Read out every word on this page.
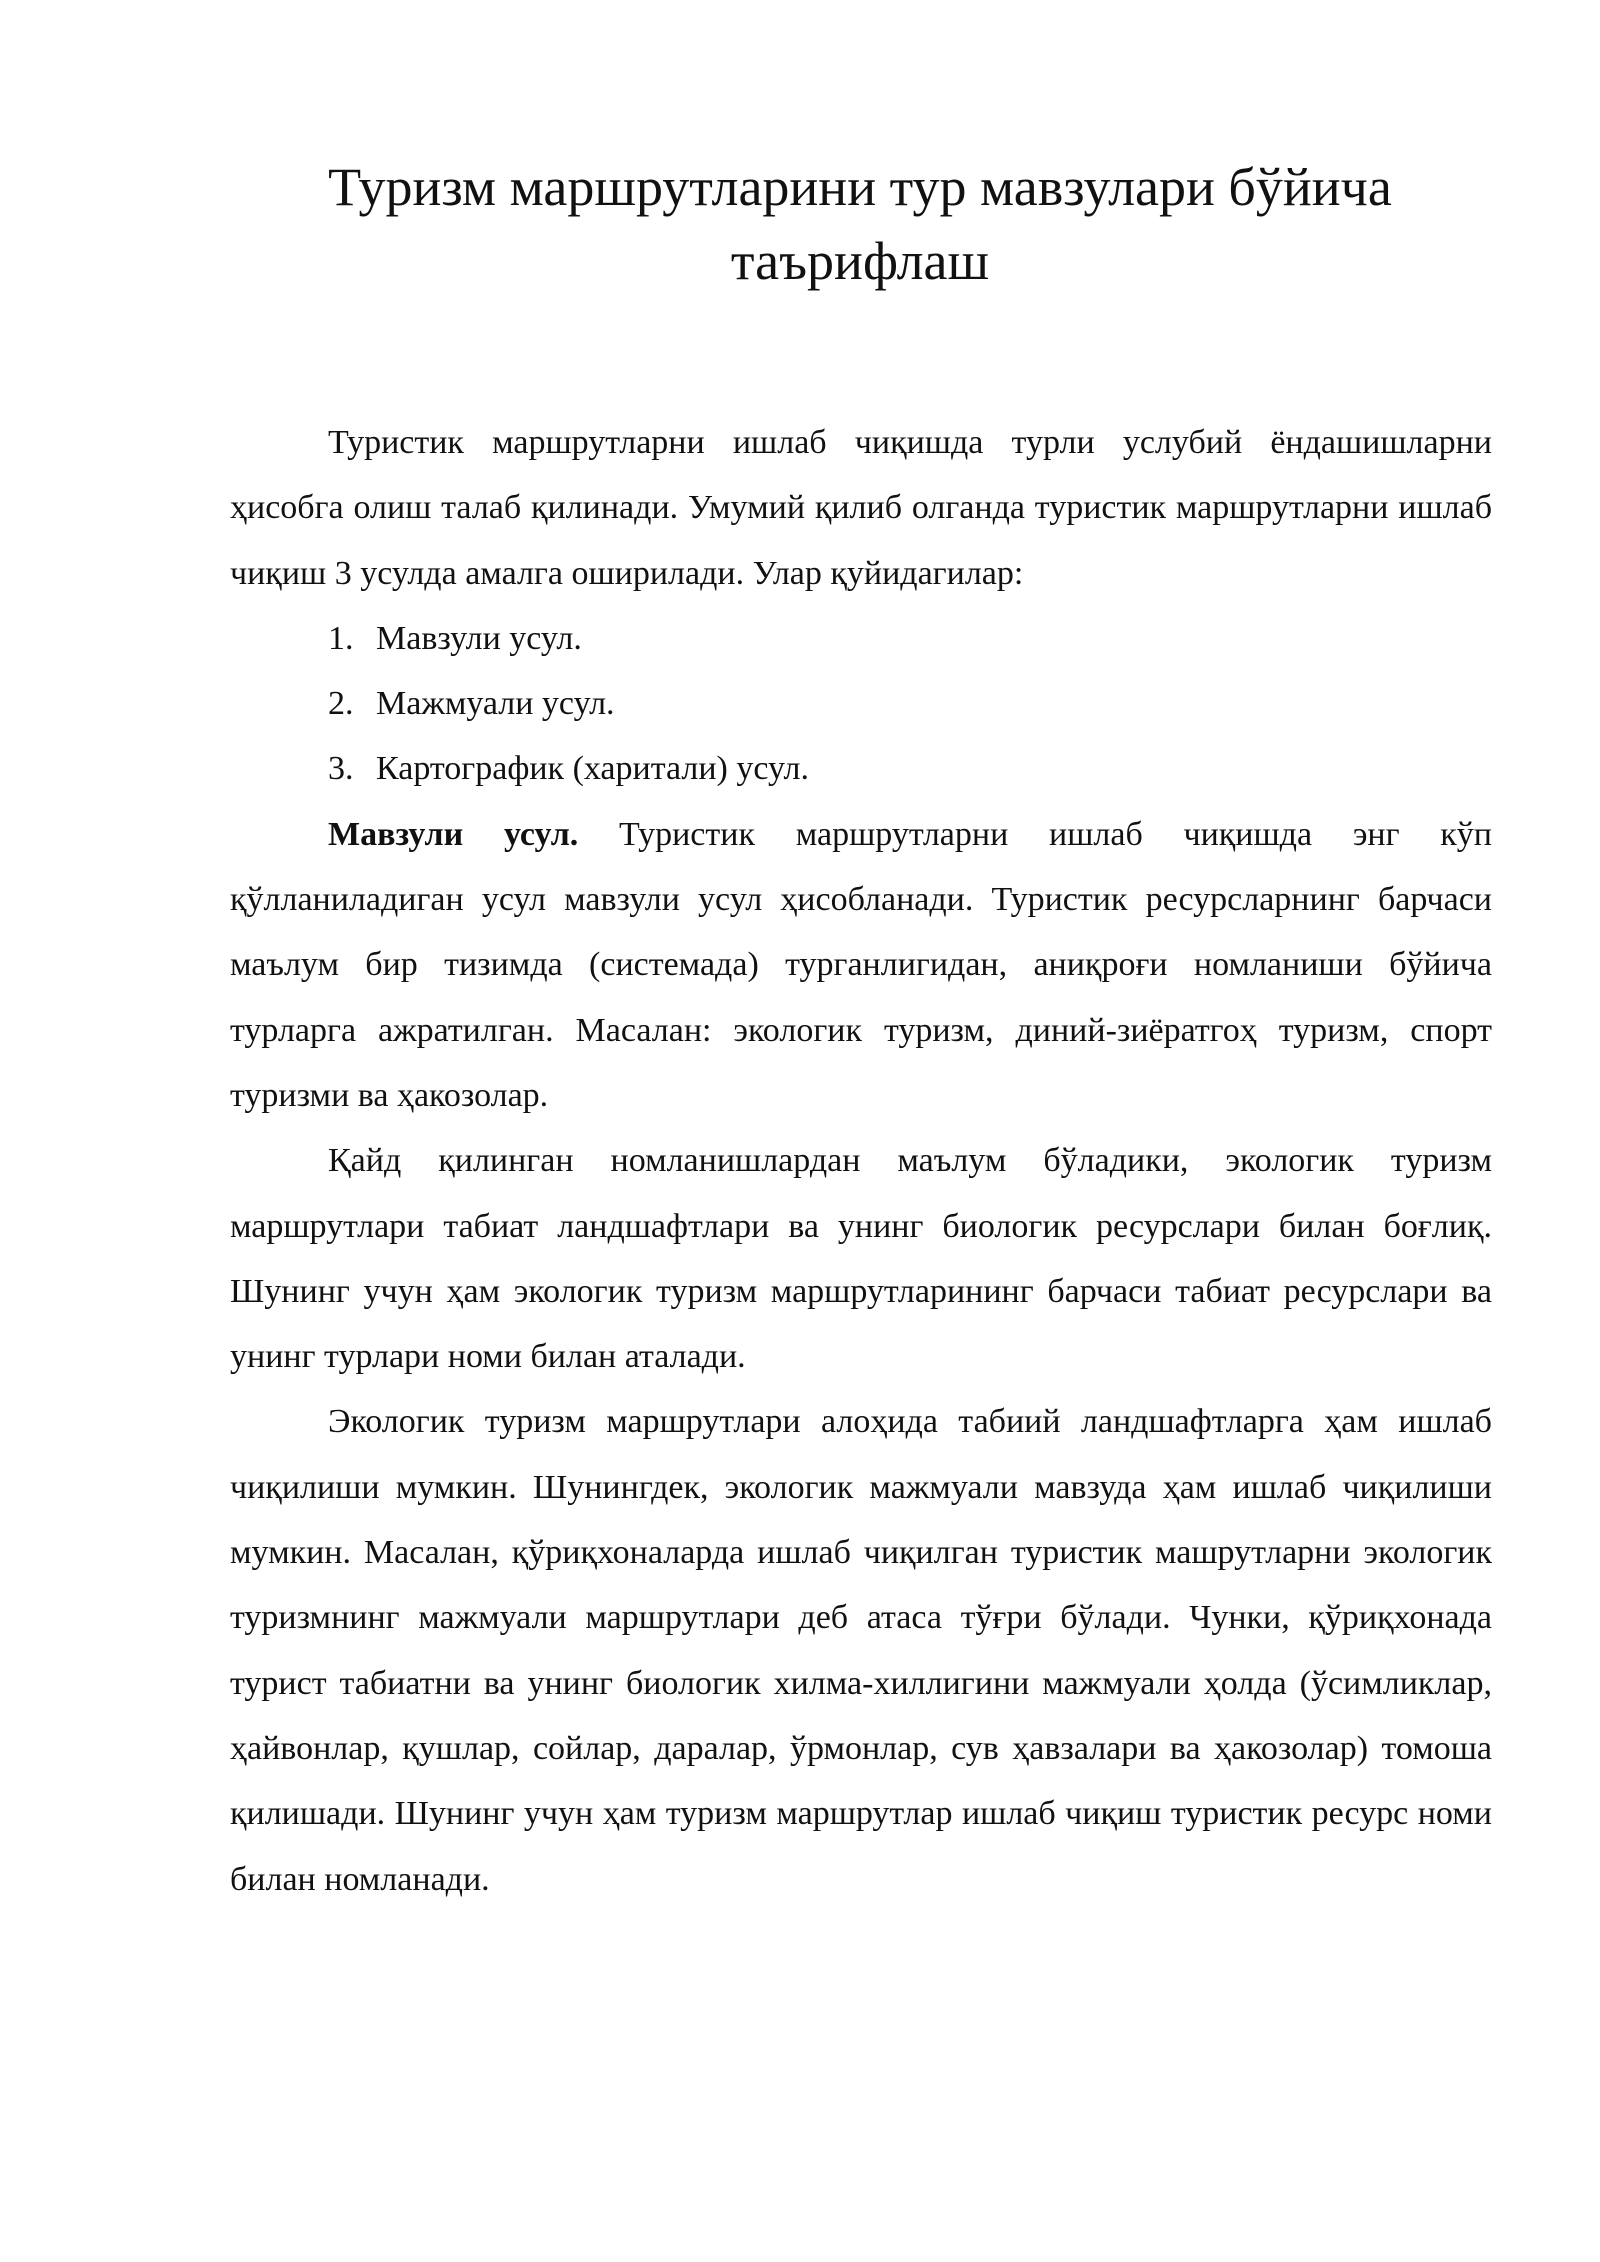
Туризм маршрутларини тур мавзулари бўйича таърифлаш

Туристик маршрутларни ишлаб чиқишда турли услубий ёндашишларни ҳисобга олиш талаб қилинади. Умумий қилиб олганда туристик маршрутларни ишлаб чиқиш 3 усулда амалга оширилади. Улар қуйидагилар:

1. Мавзули усул.
2. Мажмуали усул.
3. Картографик (харитали) усул.

Мавзули усул. Туристик маршрутларни ишлаб чиқишда энг кўп қўлланиладиган усул мавзули усул ҳисобланади. Туристик ресурсларнинг барчаси маълум бир тизимда (системада) турганлигидан, аниқроғи номланиши бўйича турларга ажратилган. Масалан: экологик туризм, диний-зиёратгоҳ туризм, спорт туризми ва ҳакозолар.

Қайд қилинган номланишлардан маълум бўладики, экологик туризм маршрутлари табиат ландшафтлари ва унинг биологик ресурслари билан боғлиқ. Шунинг учун ҳам экологик туризм маршрутларининг барчаси табиат ресурслари ва унинг турлари номи билан аталади.

Экологик туризм маршрутлари алоҳида табиий ландшафтларга ҳам ишлаб чиқилиши мумкин. Шунингдек, экологик мажмуали мавзуда ҳам ишлаб чиқилиши мумкин. Масалан, қўриқхоналарда ишлаб чиқилган туристик машрутларни экологик туризмнинг мажмуали маршрутлари деб атаса тўғри бўлади. Чунки, қўриқхонада турист табиатни ва унинг биологик хилма-хиллигини мажмуали ҳолда (ўсимликлар, ҳайвонлар, қушлар, сойлар, даралар, ўрмонлар, сув ҳавзалари ва ҳакозолар) томоша қилишади. Шунинг учун ҳам туризм маршрутлар ишлаб чиқиш туристик ресурс номи билан номланади.
